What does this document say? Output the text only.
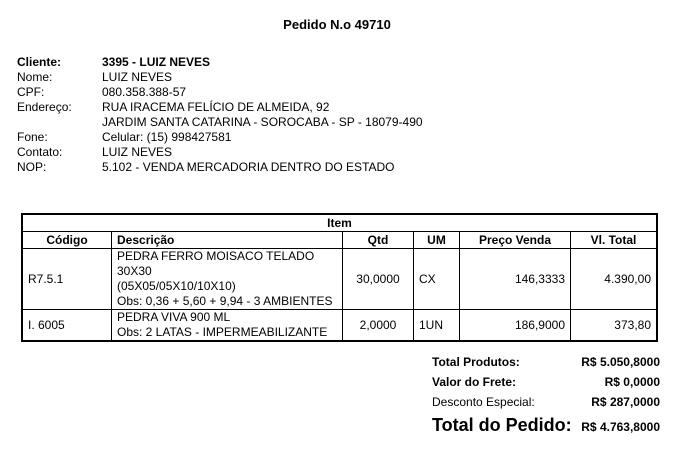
Pedido N.o 49710
Cliente:	3395 - LUIZ NEVES
Nome:	LUIZ NEVES
CPF:	080.358.388-57
Endereço:	RUA IRACEMA FELÍCIO DE ALMEIDA, 92
JARDIM SANTA CATARINA - SOROCABA - SP - 18079-490
Fone:	Celular: (15) 998427581
Contato:	LUIZ NEVES
NOP:	5.102 - VENDA MERCADORIA DENTRO DO ESTADO
Item					
Código	Descrição	Qtd	UM	Preço Venda	Vl. Total
R7.5.1	PEDRA FERRO MOISACO TELADO 30X30
(05X05/05X10/10X10)
Obs: 0,36 + 5,60 + 9,94 - 3 AMBIENTES	30,0000	CX	146,3333	4.390,00
I. 6005	PEDRA VIVA 900 ML
Obs: 2 LATAS - IMPERMEABILIZANTE	2,0000	1UN	186,9000	373,80
Total Produtos:	R$ 5.050,8000
Valor do Frete:	R$ 0,0000
Desconto Especial:	R$ 287,0000
Total do Pedido: R$ 4.763,8000
